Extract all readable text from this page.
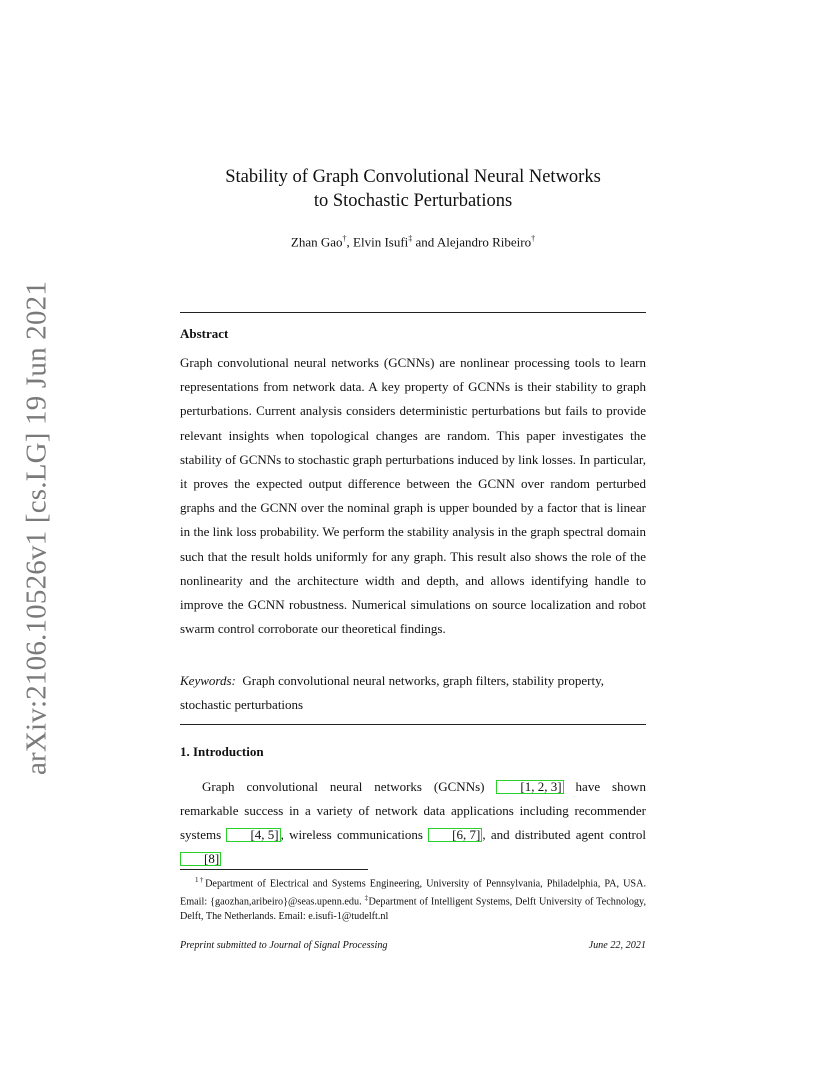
arXiv:2106.10526v1 [cs.LG] 19 Jun 2021
Stability of Graph Convolutional Neural Networks
to Stochastic Perturbations
Zhan Gao†, Elvin Isufi‡ and Alejandro Ribeiro†
Abstract
Graph convolutional neural networks (GCNNs) are nonlinear processing tools to learn representations from network data. A key property of GCNNs is their stability to graph perturbations. Current analysis considers deterministic perturbations but fails to provide relevant insights when topological changes are random. This paper investigates the stability of GCNNs to stochastic graph perturbations induced by link losses. In particular, it proves the expected output difference between the GCNN over random perturbed graphs and the GCNN over the nominal graph is upper bounded by a factor that is linear in the link loss probability. We perform the stability analysis in the graph spectral domain such that the result holds uniformly for any graph. This result also shows the role of the nonlinearity and the architecture width and depth, and allows identifying handle to improve the GCNN robustness. Numerical simulations on source localization and robot swarm control corroborate our theoretical findings.
Keywords: Graph convolutional neural networks, graph filters, stability property, stochastic perturbations
1. Introduction
Graph convolutional neural networks (GCNNs) [1, 2, 3] have shown remarkable success in a variety of network data applications including recommender systems [4, 5] , wireless communications [6, 7] , and distributed agent control [8]
$^{1\dagger}$Department of Electrical and Systems Engineering, University of Pennsylvania, Philadelphia, PA, USA. Email: {gaozhan,aribeiro}@seas.upenn.edu. ‡Department of Intelligent Systems, Delft University of Technology, Delft, The Netherlands. Email: e.isufi-1@tudelft.nl
Preprint submitted to Journal of Signal Processing	June 22, 2021
